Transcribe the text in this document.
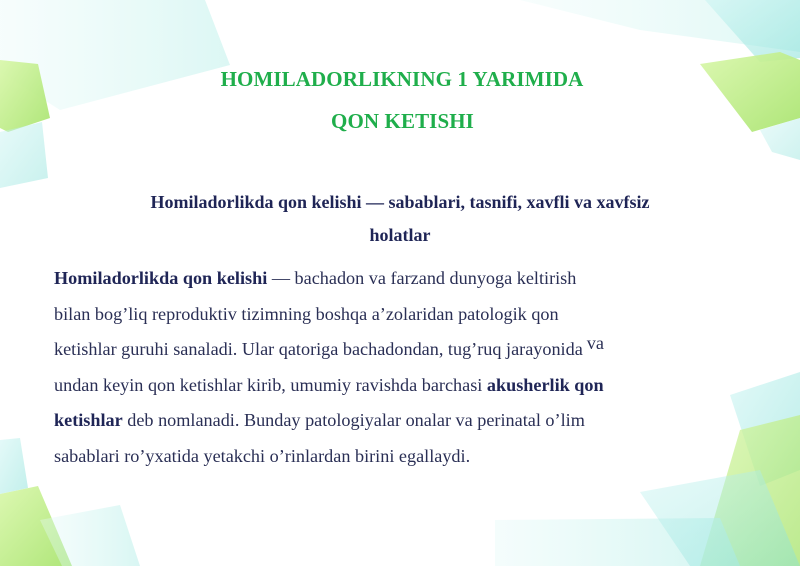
HOMILADORLIKNING 1 YARIMIDA
QON KETISHI
Homiladorlikda qon kelishi — sabablari, tasnifi, xavfli va xavfsiz
holatlar
Homiladorlikda qon kelishi — bachadon va farzand dunyoga keltirish
bilan bog’liq reproduktiv tizimning boshqa a’zolaridan patologik qon
ketishlar guruhi sanaladi. Ular qatoriga bachadondan, tug’ruq jarayonida va
undan keyin qon ketishlar kirib, umumiy ravishda barchasi akusherlik qon
ketishlar deb nomlanadi. Bunday patologiyalar onalar va perinatal o’lim
sabablari ro’yxatida yetakchi o’rinlardan birini egallaydi.
